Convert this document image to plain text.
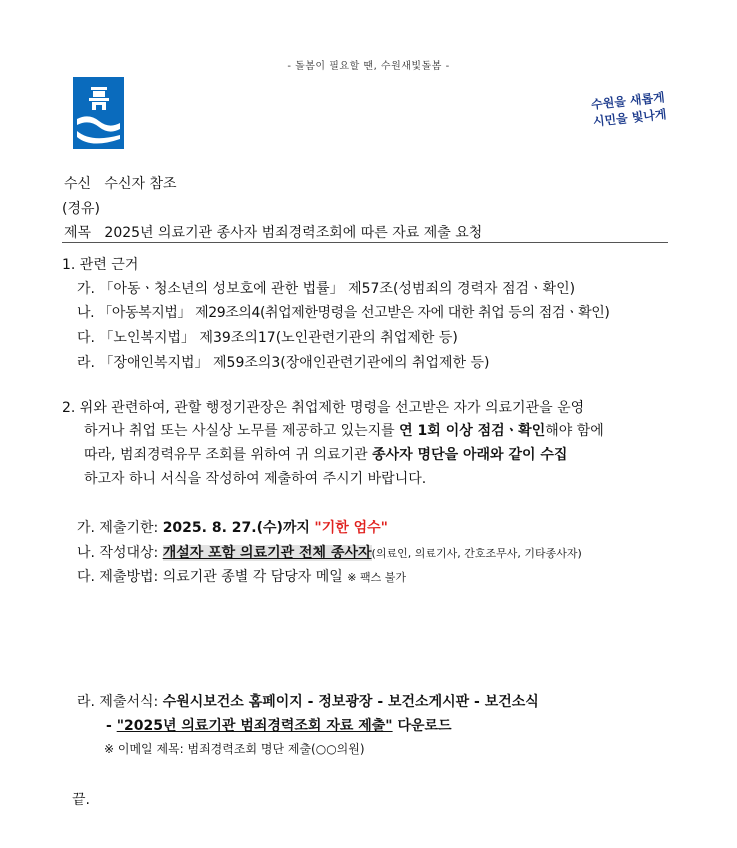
- 돌봄이 필요할 땐, 수원새빛돌봄 -
수원을 새롭게
시민을 빛나게
수신 수신자 참조
(경유)
제목 2025년 의료기관 종사자 범죄경력조회에 따른 자료 제출 요청
1. 관련 근거
가. 「아동ㆍ청소년의 성보호에 관한 법률」 제57조(성범죄의 경력자 점검ㆍ확인)
나. 「아동복지법」 제29조의4(취업제한명령을 선고받은 자에 대한 취업 등의 점검ㆍ확인)
다. 「노인복지법」 제39조의17(노인관련기관의 취업제한 등)
라. 「장애인복지법」 제59조의3(장애인관련기관에의 취업제한 등)
2. 위와 관련하여, 관할 행정기관장은 취업제한 명령을 선고받은 자가 의료기관을 운영
하거나 취업 또는 사실상 노무를 제공하고 있는지를 연 1회 이상 점검ㆍ확인해야 함에
따라, 범죄경력유무 조회를 위하여 귀 의료기관 종사자 명단을 아래와 같이 수집
하고자 하니 서식을 작성하여 제출하여 주시기 바랍니다.
가. 제출기한: 2025. 8. 27.(수)까지 "기한 엄수"
나. 작성대상: 개설자 포함 의료기관 전체 종사자(의료인, 의료기사, 간호조무사, 기타종사자)
다. 제출방법: 의료기관 종별 각 담당자 메일 ※ 팩스 불가
라. 제출서식: 수원시보건소 홈페이지 - 정보광장 - 보건소게시판 - 보건소식
- "2025년 의료기관 범죄경력조회 자료 제출" 다운로드
※ 이메일 제목: 범죄경력조회 명단 제출(○○의원)
끝.
